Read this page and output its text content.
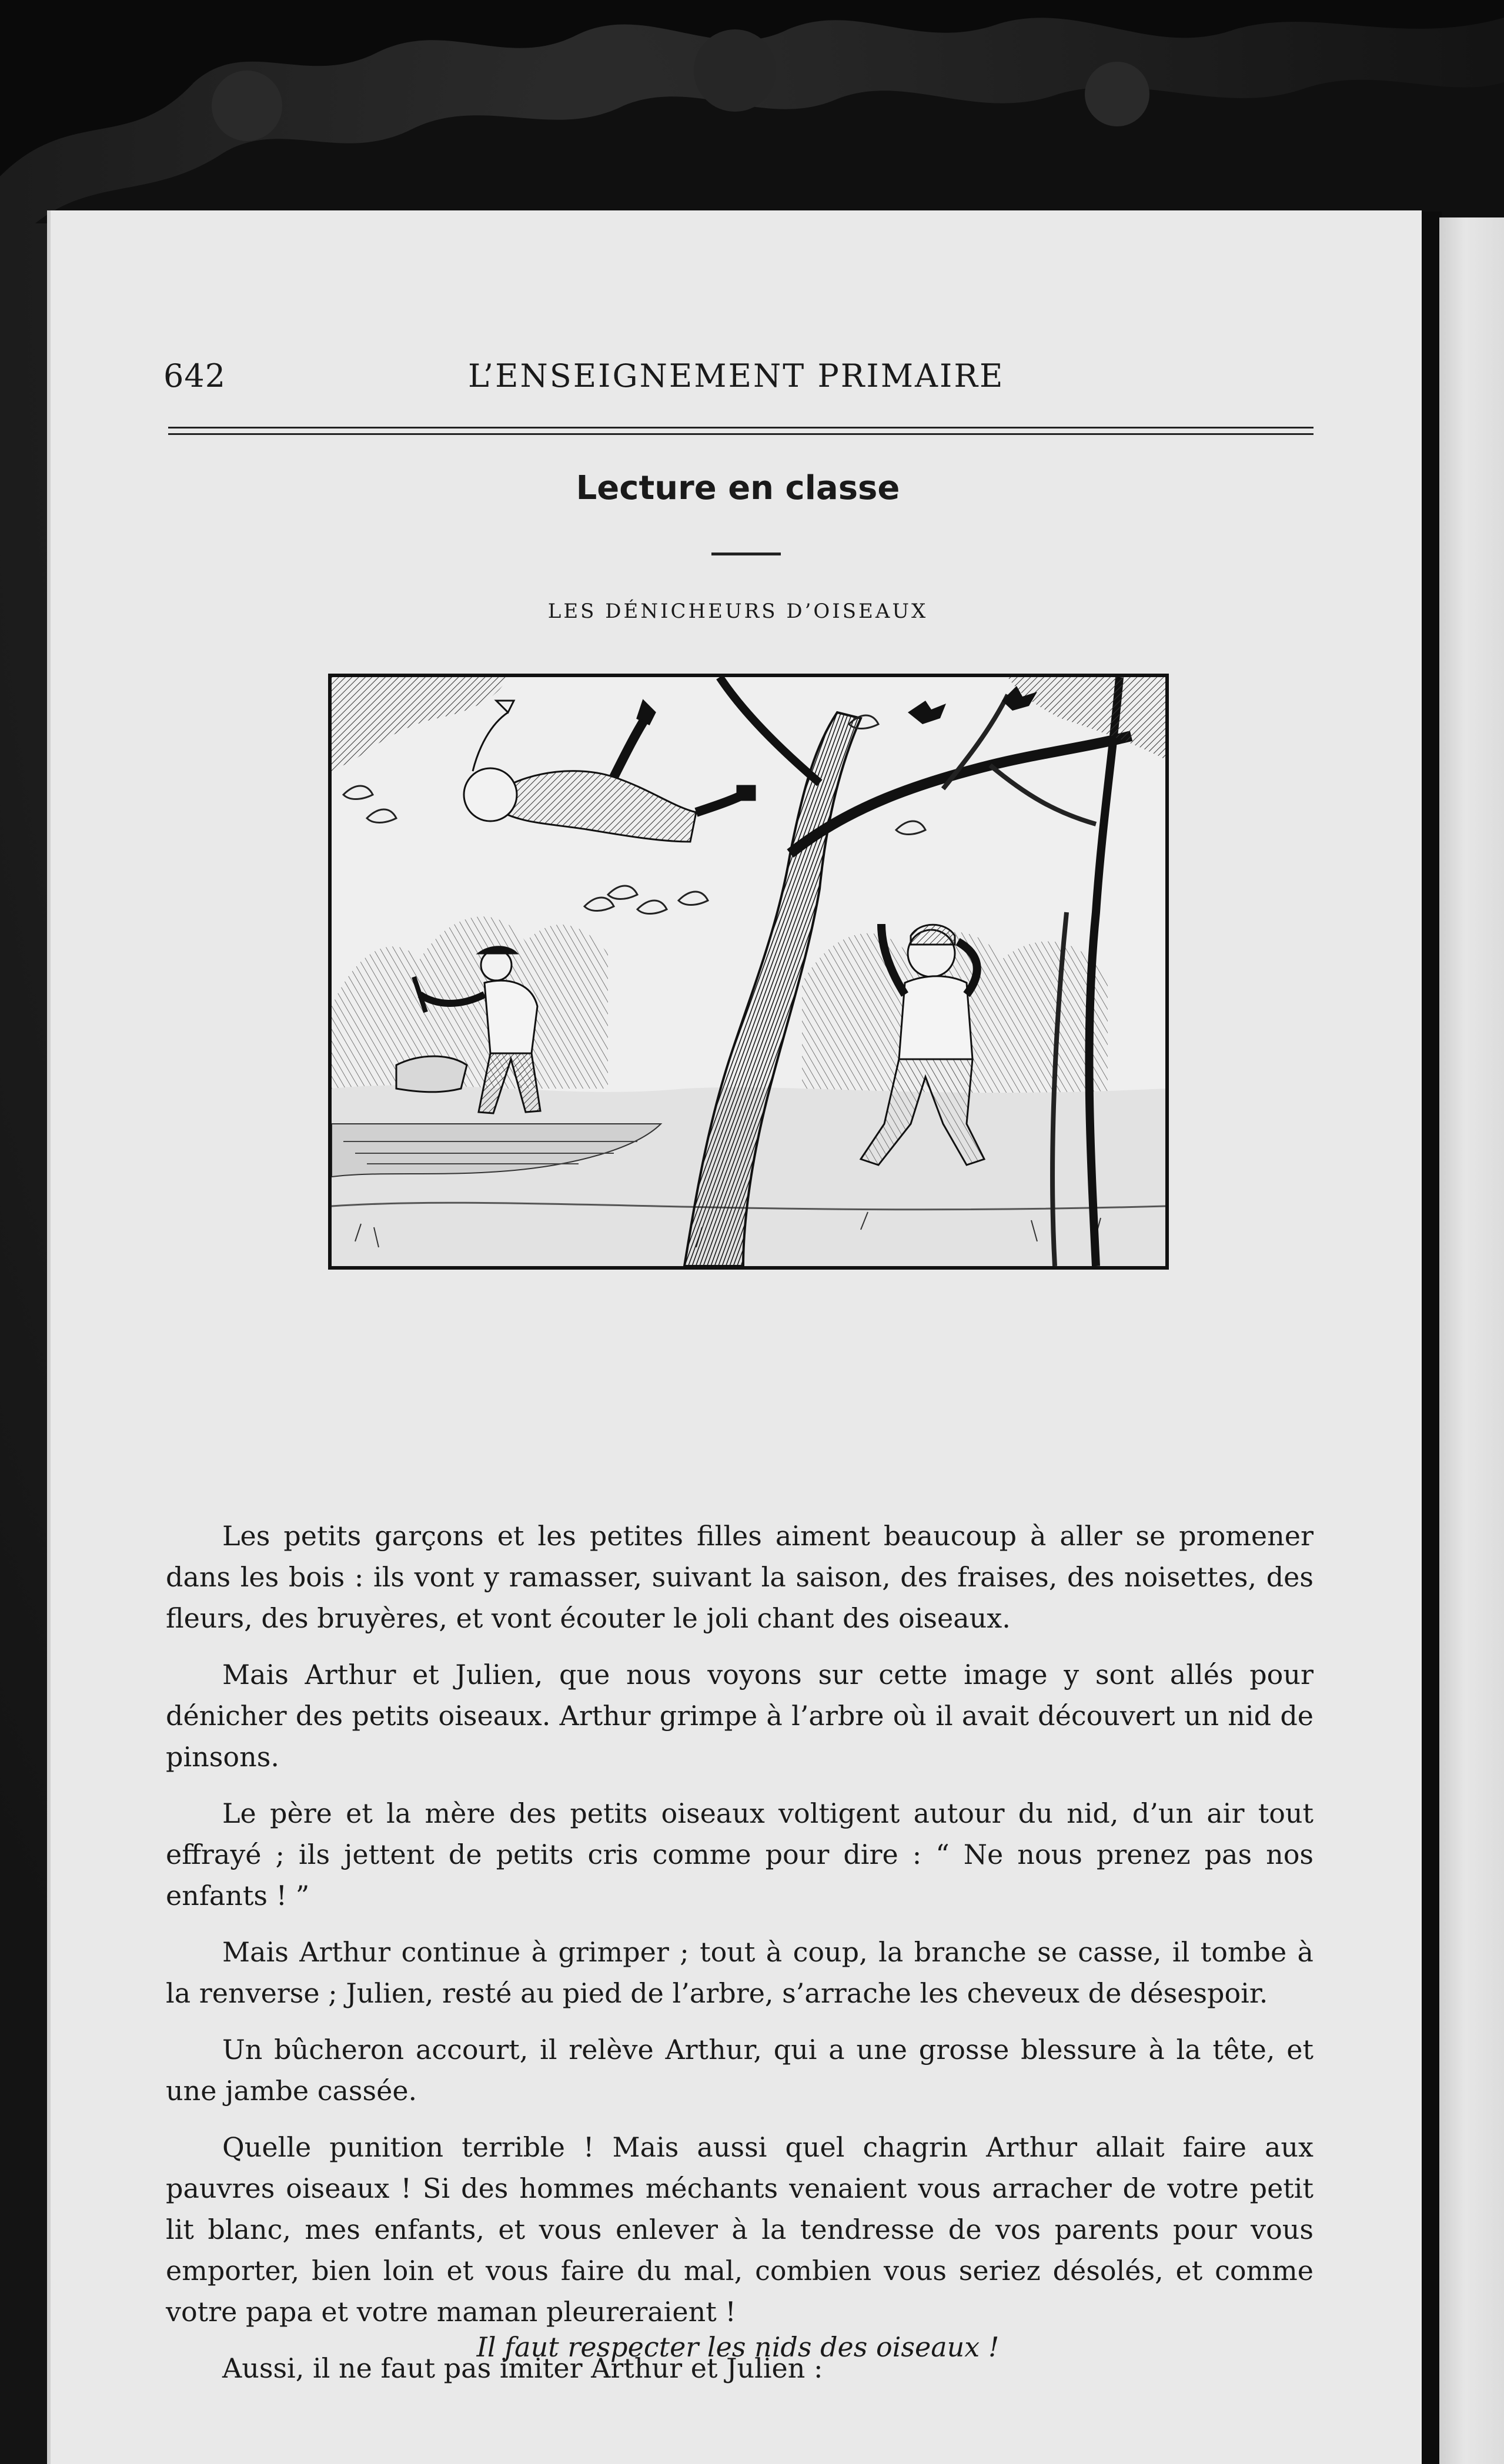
642	L’ENSEIGNEMENT PRIMAIRE
Lecture en classe
LES DÉNICHEURS D’OISEAUX

Les petits garçons et les petites filles aiment beaucoup à aller se promener dans les bois : ils vont y ramasser, suivant la saison, des fraises, des noisettes, des fleurs, des bruyères, et vont écouter le joli chant des oiseaux.

Mais Arthur et Julien, que nous voyons sur cette image y sont allés pour dénicher des petits oiseaux. Arthur grimpe à l’arbre où il avait découvert un nid de pinsons.

Le père et la mère des petits oiseaux voltigent autour du nid, d’un air tout effrayé ; ils jettent de petits cris comme pour dire : “ Ne nous prenez pas nos enfants ! ”

Mais Arthur continue à grimper ; tout à coup, la branche se casse, il tombe à la renverse ; Julien, resté au pied de l’arbre, s’arrache les cheveux de désespoir.

Un bûcheron accourt, il relève Arthur, qui a une grosse blessure à la tête, et une jambe cassée.

Quelle punition terrible ! Mais aussi quel chagrin Arthur allait faire aux pauvres oiseaux ! Si des hommes méchants venaient vous arracher de votre petit lit blanc, mes enfants, et vous enlever à la tendresse de vos parents pour vous emporter, bien loin et vous faire du mal, combien vous seriez désolés, et comme votre papa et votre maman pleureraient !

Aussi, il ne faut pas imiter Arthur et Julien :

Il faut respecter les nids des oiseaux !
